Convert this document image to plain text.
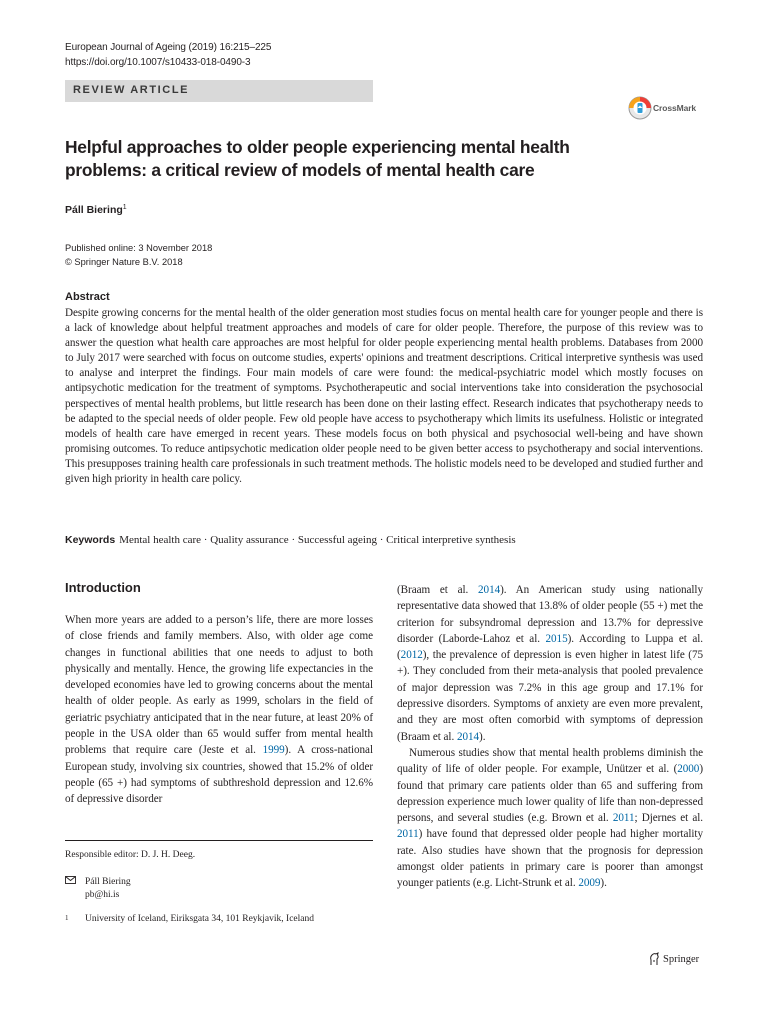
European Journal of Ageing (2019) 16:215–225
https://doi.org/10.1007/s10433-018-0490-3
REVIEW ARTICLE
CrossMark
Helpful approaches to older people experiencing mental health problems: a critical review of models of mental health care
Páll Biering$^1$
Published online: 3 November 2018
© Springer Nature B.V. 2018
Abstract
Despite growing concerns for the mental health of the older generation most studies focus on mental health care for younger people and there is a lack of knowledge about helpful treatment approaches and models of care for older people. Therefore, the purpose of this review was to answer the question what health care approaches are most helpful for older people experiencing mental health problems. Databases from 2000 to July 2017 were searched with focus on outcome studies, experts' opinions and treatment descriptions. Critical interpretive synthesis was used to analyse and interpret the findings. Four main models of care were found: the medical-psychiatric model which mostly focuses on antipsychotic medication for the treatment of symptoms. Psychotherapeutic and social interventions take into consideration the psychosocial perspectives of mental health problems, but little research has been done on their lasting effect. Research indicates that psychotherapy needs to be adapted to the special needs of older people. Few old people have access to psychotherapy which limits its usefulness. Holistic or integrated models of health care have emerged in recent years. These models focus on both physical and psychosocial well-being and have shown promising outcomes. To reduce antipsychotic medication older people need to be given better access to psychotherapy and social interventions. This presupposes training health care professionals in such treatment methods. The holistic models need to be developed and studied further and given high priority in health care policy.
Keywords Mental health care · Quality assurance · Successful ageing · Critical interpretive synthesis
Introduction

When more years are added to a person’s life, there are more losses of close friends and family members. Also, with older age come changes in functional abilities that one needs to adjust to both physically and mentally. Hence, the growing life expectancies in the developed economies have led to growing concerns about the mental health of older people. As early as 1999, scholars in the field of geriatric psychiatry anticipated that in the near future, at least 20% of people in the USA older than 65 would suffer from mental health problems that require care (Jeste et al. 1999). A cross-national European study, involving six countries, showed that 15.2% of older people (65 +) had symptoms of subthreshold depression and 12.6% of depressive disorder

(Braam et al. 2014). An American study using nationally representative data showed that 13.8% of older people (55 +) met the criterion for subsyndromal depression and 13.7% for depressive disorder (Laborde-Lahoz et al. 2015). According to Luppa et al. (2012), the prevalence of depression is even higher in latest life (75 +). They concluded from their meta-analysis that pooled prevalence of major depression was 7.2% in this age group and 17.1% for depressive disorders. Symptoms of anxiety are even more prevalent, and they are most often comorbid with symptoms of depression (Braam et al. 2014).

Numerous studies show that mental health problems diminish the quality of life of older people. For example, Unützer et al. (2000) found that primary care patients older than 65 and suffering from depression experience much lower quality of life than non-depressed persons, and several studies (e.g. Brown et al. 2011; Djernes et al. 2011) have found that depressed older people had higher mortality rate. Also studies have shown that the prognosis for depression amongst older patients in primary care is poorer than amongst younger patients (e.g. Licht-Strunk et al. 2009).

Responsible editor: D. J. H. Deeg.
Páll Biering
pb@hi.is
1	University of Iceland, Eiriksgata 34, 101 Reykjavik, Iceland
Springer
